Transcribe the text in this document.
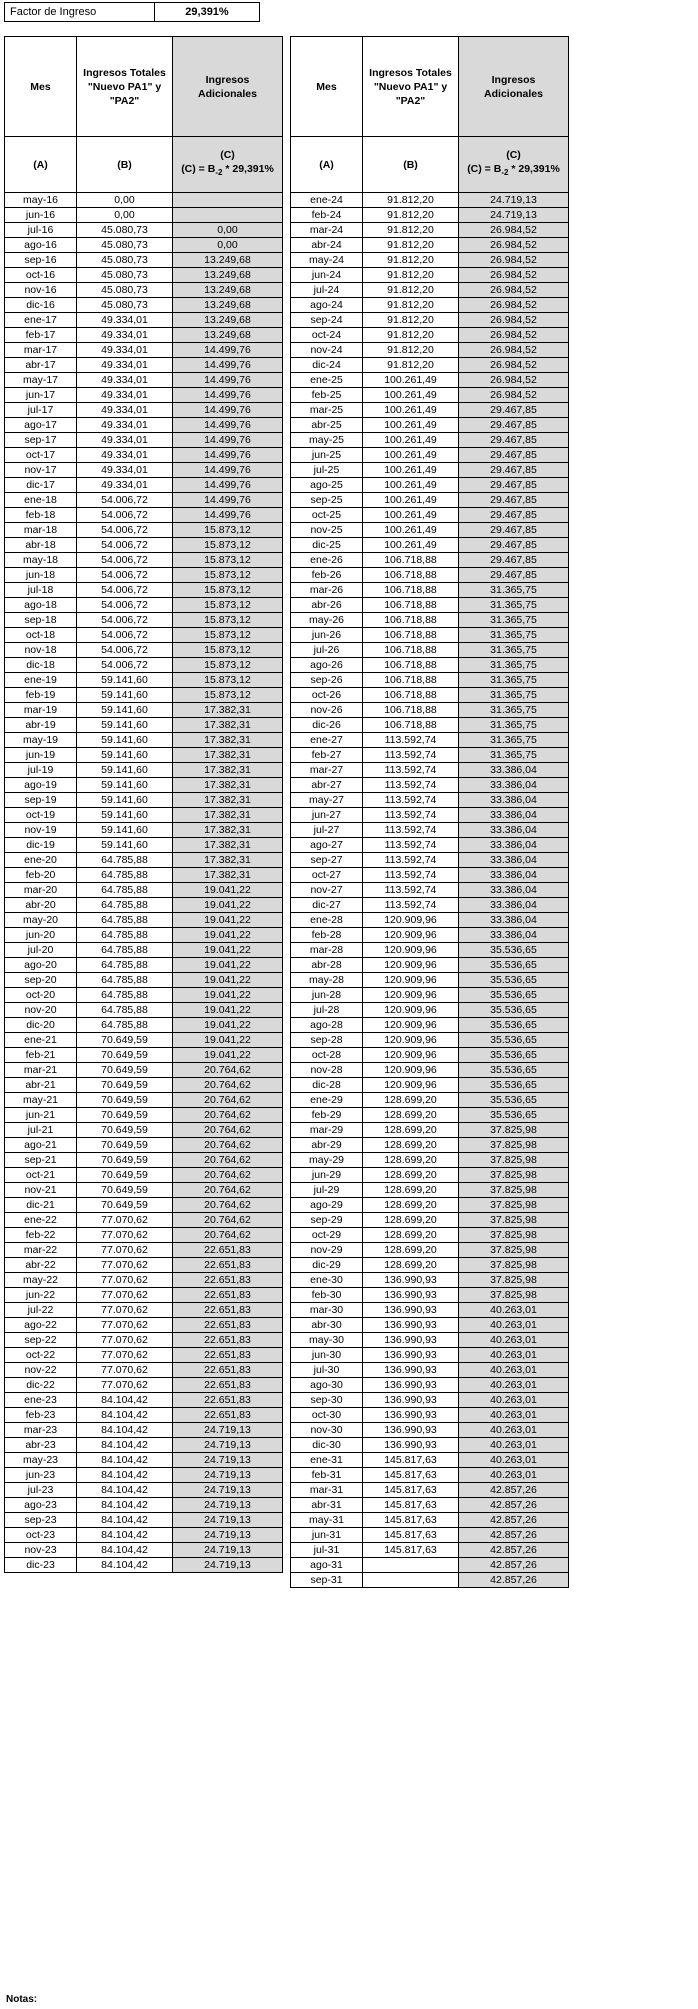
Factor de Ingreso	29,391%
Mes	Ingresos Totales "Nuevo PA1" y "PA2"	Ingresos Adicionales
(A)	(B)	(C)
$(C) = B_{-2} * 29,391\%$

may-16	0,00	
jun-16	0,00	
jul-16	45.080,73	0,00
ago-16	45.080,73	0,00
sep-16	45.080,73	13.249,68
oct-16	45.080,73	13.249,68
nov-16	45.080,73	13.249,68
dic-16	45.080,73	13.249,68
ene-17	49.334,01	13.249,68
feb-17	49.334,01	13.249,68
mar-17	49.334,01	14.499,76
abr-17	49.334,01	14.499,76
may-17	49.334,01	14.499,76
jun-17	49.334,01	14.499,76
jul-17	49.334,01	14.499,76
ago-17	49.334,01	14.499,76
sep-17	49.334,01	14.499,76
oct-17	49.334,01	14.499,76
nov-17	49.334,01	14.499,76
dic-17	49.334,01	14.499,76
ene-18	54.006,72	14.499,76
feb-18	54.006,72	14.499,76
mar-18	54.006,72	15.873,12
abr-18	54.006,72	15.873,12
may-18	54.006,72	15.873,12
jun-18	54.006,72	15.873,12
jul-18	54.006,72	15.873,12
ago-18	54.006,72	15.873,12
sep-18	54.006,72	15.873,12
oct-18	54.006,72	15.873,12
nov-18	54.006,72	15.873,12
dic-18	54.006,72	15.873,12
ene-19	59.141,60	15.873,12
feb-19	59.141,60	15.873,12
mar-19	59.141,60	17.382,31
abr-19	59.141,60	17.382,31
may-19	59.141,60	17.382,31
jun-19	59.141,60	17.382,31
jul-19	59.141,60	17.382,31
ago-19	59.141,60	17.382,31
sep-19	59.141,60	17.382,31
oct-19	59.141,60	17.382,31
nov-19	59.141,60	17.382,31
dic-19	59.141,60	17.382,31
ene-20	64.785,88	17.382,31
feb-20	64.785,88	17.382,31
mar-20	64.785,88	19.041,22
abr-20	64.785,88	19.041,22
may-20	64.785,88	19.041,22
jun-20	64.785,88	19.041,22
jul-20	64.785,88	19.041,22
ago-20	64.785,88	19.041,22
sep-20	64.785,88	19.041,22
oct-20	64.785,88	19.041,22
nov-20	64.785,88	19.041,22
dic-20	64.785,88	19.041,22
ene-21	70.649,59	19.041,22
feb-21	70.649,59	19.041,22
mar-21	70.649,59	20.764,62
abr-21	70.649,59	20.764,62
may-21	70.649,59	20.764,62
jun-21	70.649,59	20.764,62
jul-21	70.649,59	20.764,62
ago-21	70.649,59	20.764,62
sep-21	70.649,59	20.764,62
oct-21	70.649,59	20.764,62
nov-21	70.649,59	20.764,62
dic-21	70.649,59	20.764,62
ene-22	77.070,62	20.764,62
feb-22	77.070,62	20.764,62
mar-22	77.070,62	22.651,83
abr-22	77.070,62	22.651,83
may-22	77.070,62	22.651,83
jun-22	77.070,62	22.651,83
jul-22	77.070,62	22.651,83
ago-22	77.070,62	22.651,83
sep-22	77.070,62	22.651,83
oct-22	77.070,62	22.651,83
nov-22	77.070,62	22.651,83
dic-22	77.070,62	22.651,83
ene-23	84.104,42	22.651,83
feb-23	84.104,42	22.651,83
mar-23	84.104,42	24.719,13
abr-23	84.104,42	24.719,13
may-23	84.104,42	24.719,13
jun-23	84.104,42	24.719,13
jul-23	84.104,42	24.719,13
ago-23	84.104,42	24.719,13
sep-23	84.104,42	24.719,13
oct-23	84.104,42	24.719,13
nov-23	84.104,42	24.719,13
dic-23	84.104,42	24.719,13
Mes	Ingresos Totales "Nuevo PA1" y "PA2"	Ingresos Adicionales
(A)	(B)	(C)
$(C) = B_{-2} * 29,391\%$

ene-24	91.812,20	24.719,13
feb-24	91.812,20	24.719,13
mar-24	91.812,20	26.984,52
abr-24	91.812,20	26.984,52
may-24	91.812,20	26.984,52
jun-24	91.812,20	26.984,52
jul-24	91.812,20	26.984,52
ago-24	91.812,20	26.984,52
sep-24	91.812,20	26.984,52
oct-24	91.812,20	26.984,52
nov-24	91.812,20	26.984,52
dic-24	91.812,20	26.984,52
ene-25	100.261,49	26.984,52
feb-25	100.261,49	26.984,52
mar-25	100.261,49	29.467,85
abr-25	100.261,49	29.467,85
may-25	100.261,49	29.467,85
jun-25	100.261,49	29.467,85
jul-25	100.261,49	29.467,85
ago-25	100.261,49	29.467,85
sep-25	100.261,49	29.467,85
oct-25	100.261,49	29.467,85
nov-25	100.261,49	29.467,85
dic-25	100.261,49	29.467,85
ene-26	106.718,88	29.467,85
feb-26	106.718,88	29.467,85
mar-26	106.718,88	31.365,75
abr-26	106.718,88	31.365,75
may-26	106.718,88	31.365,75
jun-26	106.718,88	31.365,75
jul-26	106.718,88	31.365,75
ago-26	106.718,88	31.365,75
sep-26	106.718,88	31.365,75
oct-26	106.718,88	31.365,75
nov-26	106.718,88	31.365,75
dic-26	106.718,88	31.365,75
ene-27	113.592,74	31.365,75
feb-27	113.592,74	31.365,75
mar-27	113.592,74	33.386,04
abr-27	113.592,74	33.386,04
may-27	113.592,74	33.386,04
jun-27	113.592,74	33.386,04
jul-27	113.592,74	33.386,04
ago-27	113.592,74	33.386,04
sep-27	113.592,74	33.386,04
oct-27	113.592,74	33.386,04
nov-27	113.592,74	33.386,04
dic-27	113.592,74	33.386,04
ene-28	120.909,96	33.386,04
feb-28	120.909,96	33.386,04
mar-28	120.909,96	35.536,65
abr-28	120.909,96	35.536,65
may-28	120.909,96	35.536,65
jun-28	120.909,96	35.536,65
jul-28	120.909,96	35.536,65
ago-28	120.909,96	35.536,65
sep-28	120.909,96	35.536,65
oct-28	120.909,96	35.536,65
nov-28	120.909,96	35.536,65
dic-28	120.909,96	35.536,65
ene-29	128.699,20	35.536,65
feb-29	128.699,20	35.536,65
mar-29	128.699,20	37.825,98
abr-29	128.699,20	37.825,98
may-29	128.699,20	37.825,98
jun-29	128.699,20	37.825,98
jul-29	128.699,20	37.825,98
ago-29	128.699,20	37.825,98
sep-29	128.699,20	37.825,98
oct-29	128.699,20	37.825,98
nov-29	128.699,20	37.825,98
dic-29	128.699,20	37.825,98
ene-30	136.990,93	37.825,98
feb-30	136.990,93	37.825,98
mar-30	136.990,93	40.263,01
abr-30	136.990,93	40.263,01
may-30	136.990,93	40.263,01
jun-30	136.990,93	40.263,01
jul-30	136.990,93	40.263,01
ago-30	136.990,93	40.263,01
sep-30	136.990,93	40.263,01
oct-30	136.990,93	40.263,01
nov-30	136.990,93	40.263,01
dic-30	136.990,93	40.263,01
ene-31	145.817,63	40.263,01
feb-31	145.817,63	40.263,01
mar-31	145.817,63	42.857,26
abr-31	145.817,63	42.857,26
may-31	145.817,63	42.857,26
jun-31	145.817,63	42.857,26
jul-31	145.817,63	42.857,26
ago-31		42.857,26
sep-31		42.857,26
Notas:
